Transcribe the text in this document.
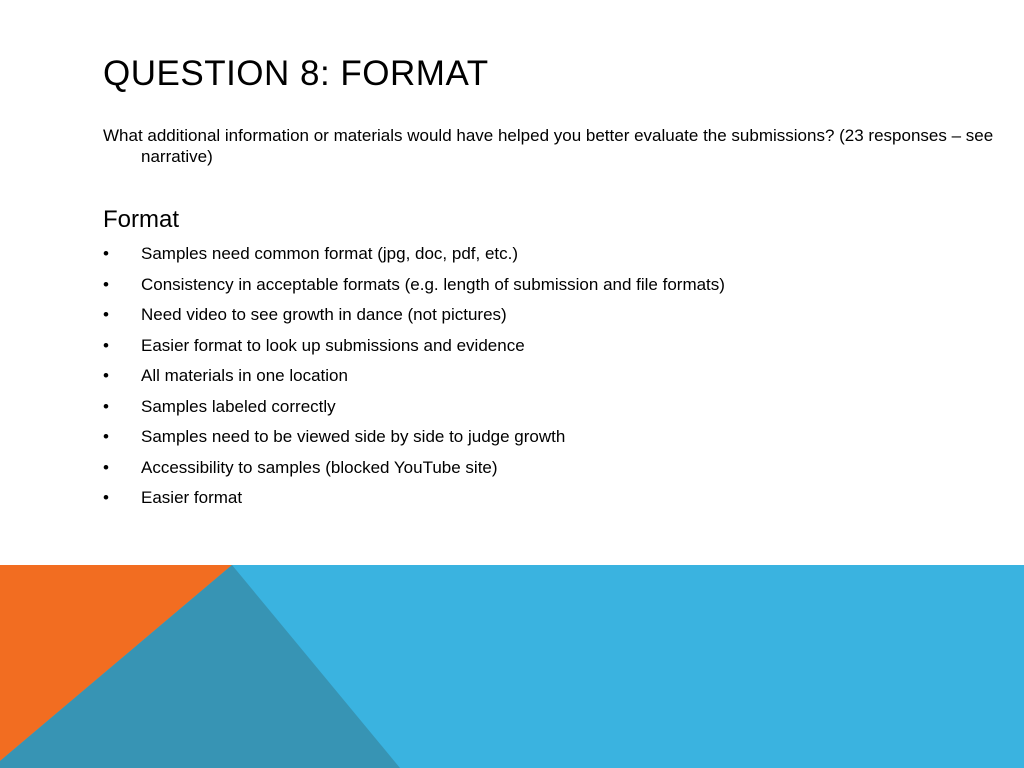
QUESTION 8: FORMAT

What additional information or materials would have helped you better evaluate the submissions? (23 responses – see narrative)

Format
•	Samples need common format (jpg, doc, pdf, etc.)
•	Consistency in acceptable formats (e.g. length of submission and file formats)
•	Need video to see growth in dance (not pictures)
•	Easier format to look up submissions and evidence
•	All materials in one location
•	Samples labeled correctly
•	Samples need to be viewed side by side to judge growth
•	Accessibility to samples (blocked YouTube site)
•	Easier format
